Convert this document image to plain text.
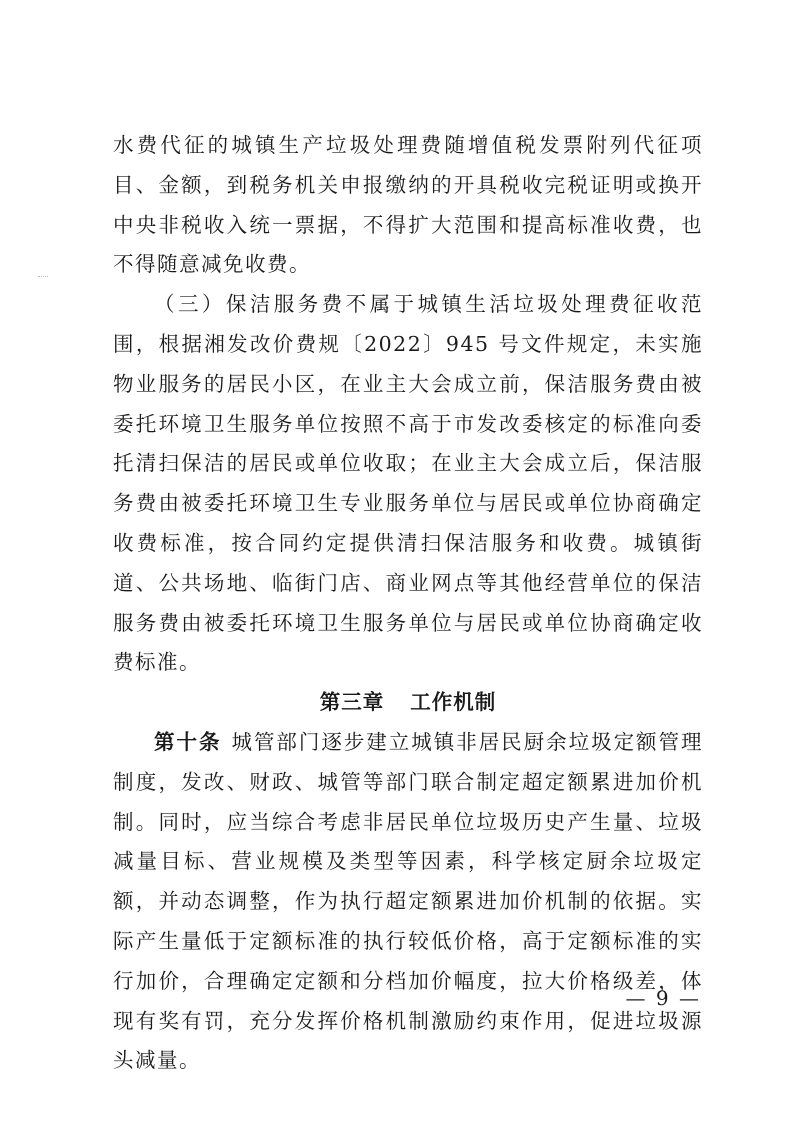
水费代征的城镇生产垃圾处理费随增值税发票附列代征项目、金额，到税务机关申报缴纳的开具税收完税证明或换开中央非税收入统一票据，不得扩大范围和提高标准收费，也不得随意减免收费。

（三）保洁服务费不属于城镇生活垃圾处理费征收范围，根据湘发改价费规〔2022〕945 号文件规定，未实施物业服务的居民小区，在业主大会成立前，保洁服务费由被委托环境卫生服务单位按照不高于市发改委核定的标准向委托清扫保洁的居民或单位收取；在业主大会成立后，保洁服务费由被委托环境卫生专业服务单位与居民或单位协商确定收费标准，按合同约定提供清扫保洁服务和收费。城镇街道、公共场地、临街门店、商业网点等其他经营单位的保洁服务费由被委托环境卫生服务单位与居民或单位协商确定收费标准。

第三章 工作机制

第十条 城管部门逐步建立城镇非居民厨余垃圾定额管理制度，发改、财政、城管等部门联合制定超定额累进加价机制。同时，应当综合考虑非居民单位垃圾历史产生量、垃圾减量目标、营业规模及类型等因素，科学核定厨余垃圾定额，并动态调整，作为执行超定额累进加价机制的依据。实际产生量低于定额标准的执行较低价格，高于定额标准的实行加价，合理确定定额和分档加价幅度，拉大价格级差，体现有奖有罚，充分发挥价格机制激励约束作用，促进垃圾源头减量。

— 9 —
